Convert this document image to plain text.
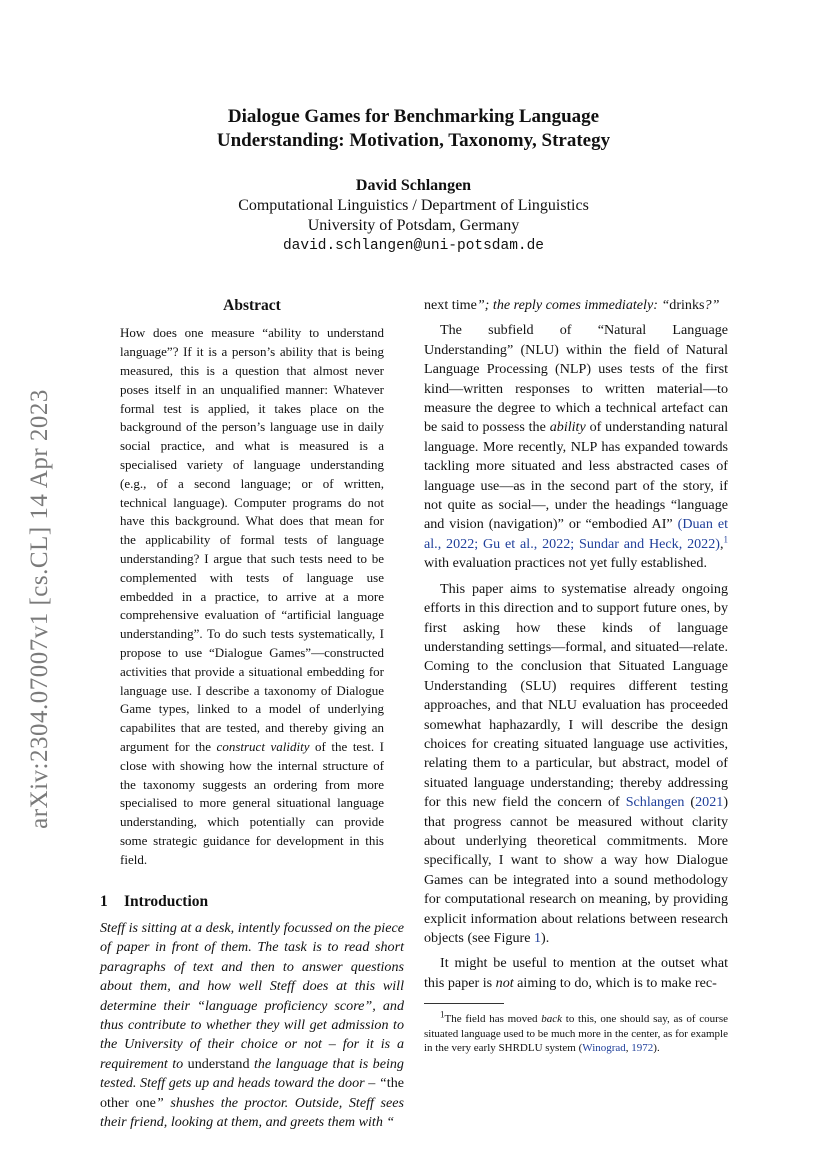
arXiv:2304.07007v1 [cs.CL] 14 Apr 2023
Dialogue Games for Benchmarking Language
Understanding: Motivation, Taxonomy, Strategy
David Schlangen
Computational Linguistics / Department of Linguistics
University of Potsdam, Germany
david.schlangen@uni-potsdam.de
Abstract

How does one measure “ability to understand language”? If it is a person’s ability that is being measured, this is a question that almost never poses itself in an unqualified manner: Whatever formal test is applied, it takes place on the background of the person’s language use in daily social practice, and what is measured is a specialised variety of language understanding (e.g., of a second language; or of written, technical language). Computer programs do not have this background. What does that mean for the applicability of formal tests of language understanding? I argue that such tests need to be complemented with tests of language use embedded in a practice, to arrive at a more comprehensive evaluation of “artificial language understanding”. To do such tests systematically, I propose to use “Dialogue Games”—constructed activities that provide a situational embedding for language use. I describe a taxonomy of Dialogue Game types, linked to a model of underlying capabilites that are tested, and thereby giving an argument for the construct validity of the test. I close with showing how the internal structure of the taxonomy suggests an ordering from more specialised to more general situational language understanding, which potentially can provide some strategic guidance for development in this field.

1 Introduction

Steff is sitting at a desk, intently focussed on the piece of paper in front of them. The task is to read short paragraphs of text and then to answer questions about them, and how well Steff does at this will determine their “language proficiency score”, and thus contribute to whether they will get admission to the University of their choice or not – for it is a requirement to understand the language that is being tested. Steff gets up and heads toward the door – “the other one” shushes the proctor. Outside, Steff sees their friend, looking at them, and greets them with “

next time”; the reply comes immediately: “drinks?”

The subfield of “Natural Language Understanding” (NLU) within the field of Natural Language Processing (NLP) uses tests of the first kind—written responses to written material—to measure the degree to which a technical artefact can be said to possess the ability of understanding natural language. More recently, NLP has expanded towards tackling more situated and less abstracted cases of language use—as in the second part of the story, if not quite as social—, under the headings “language and vision (navigation)” or “embodied AI” (Duan et al., 2022; Gu et al., 2022; Sundar and Heck, 2022),$^1$ with evaluation practices not yet fully established.

This paper aims to systematise already ongoing efforts in this direction and to support future ones, by first asking how these kinds of language understanding settings—formal, and situated—relate. Coming to the conclusion that Situated Language Understanding (SLU) requires different testing approaches, and that NLU evaluation has proceeded somewhat haphazardly, I will describe the design choices for creating situated language use activities, relating them to a particular, but abstract, model of situated language understanding; thereby addressing for this new field the concern of Schlangen (2021) that progress cannot be measured without clarity about underlying theoretical commitments. More specifically, I want to show a way how Dialogue Games can be integrated into a sound methodology for computational research on meaning, by providing explicit information about relations between research objects (see Figure 1).

It might be useful to mention at the outset what this paper is not aiming to do, which is to make rec-

$^1$The field has moved back to this, one should say, as of course situated language used to be much more in the center, as for example in the very early SHRDLU system (Winograd, 1972).
